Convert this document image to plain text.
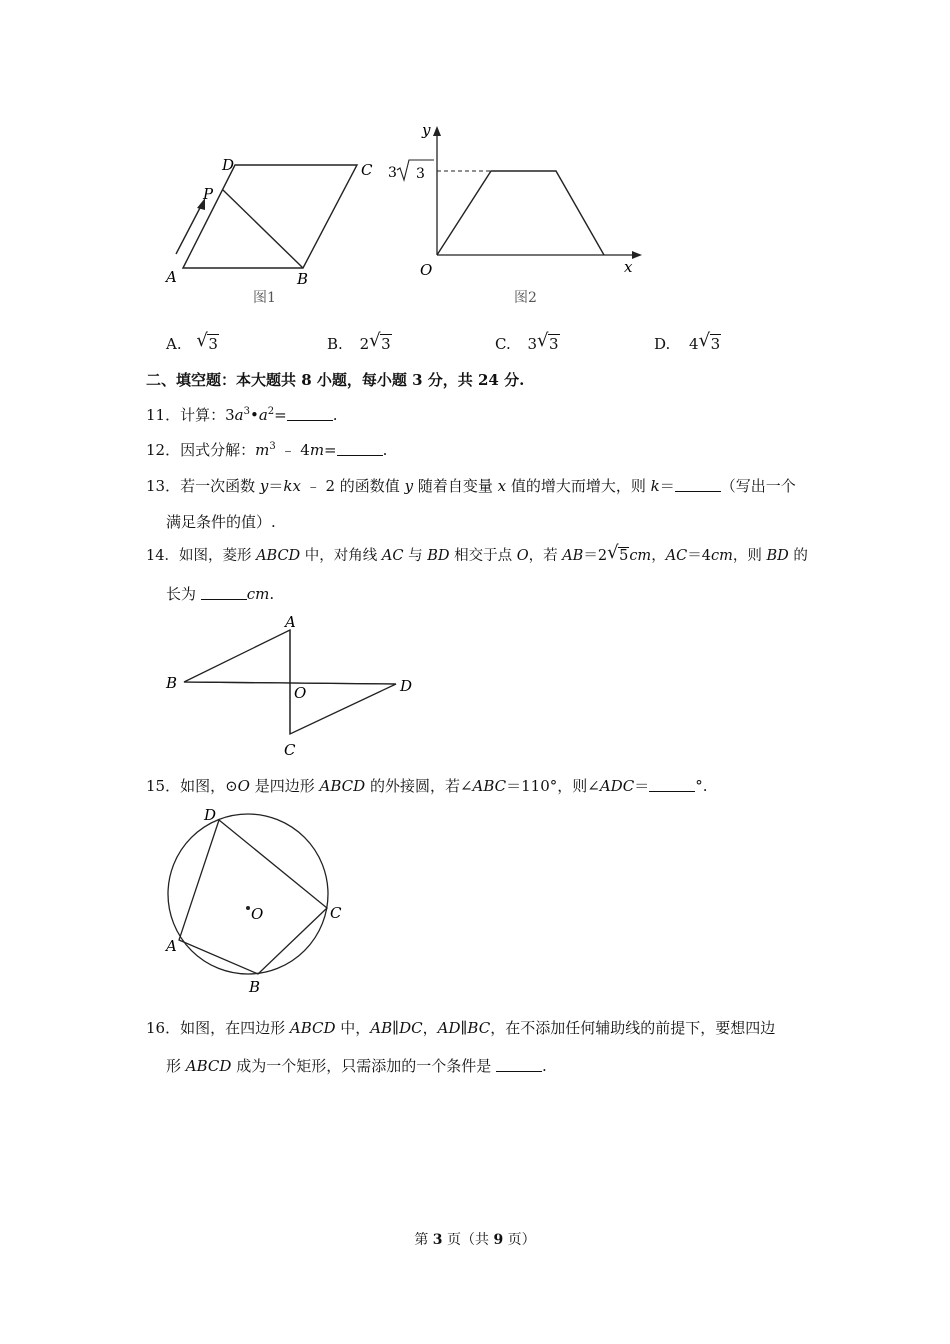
D	C
P
A	B
图1
y
x
O
3 3
图2
A. √ 3	B. 2 √ 3	C. 3 √ 3	D. 4 √ 3
二、填空题：本大题共 8 小题，每小题 3 分，共 24 分.
11．计算：$3a^3•a^2=$	.
12．因式分解：$m^3$ ﹣ 4m=	.
13．若一次函数 y＝kx ﹣ 2 的函数值 y 随着自变量 x 值的增大而增大，则 k＝	（写出一个
满足条件的值）.
14．如图，菱形 ABCD 中，对角线 AC 与 BD 相交于点 O，若 AB＝2 √ 5cm，AC＝4cm，则 BD 的
长为	cm.
A
B	D
O
C
15．如图，⊙O 是四边形 ABCD 的外接圆，若∠ABC＝110°，则∠ADC＝	°.
D
C
O
A
B
16．如图，在四边形 ABCD 中，AB∥DC，AD∥BC，在不添加任何辅助线的前提下，要想四边
形 ABCD 成为一个矩形，只需添加的一个条件是	.
第 3 页（共 9 页）
